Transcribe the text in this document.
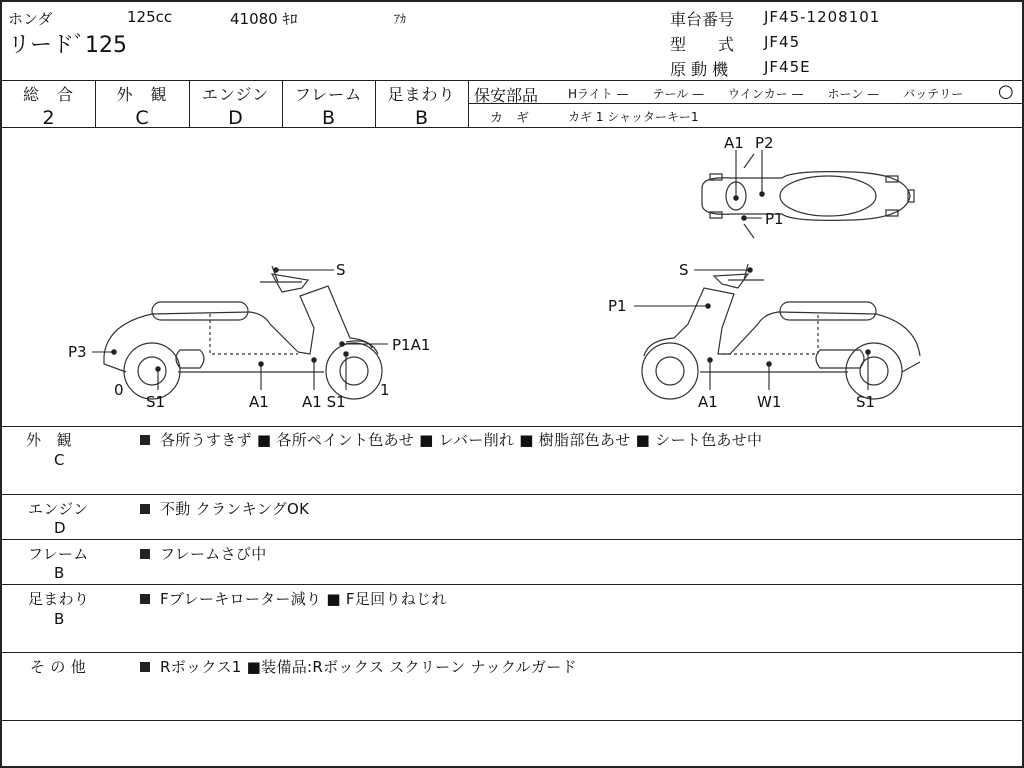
ホンダ	125cc	41080 ｷﾛ	ｱｶ
リードﾞ125
車台番号 JF45-1208101
型　　式 JF45
原 動 機 JF45E
総　合
2
外　観
C
エンジン
D
フレーム
B
足まわり
B
保安部品 Hライト —　　テール —　　ウインカー —　　ホーン —　　バッテリー ○
カ　ギ	カギ 1 シャッターキー1
A1 P2
P1
S
P3	P1A1
0	1
S1	A1 A1 S1
S
P1
A1	W1	S1
外　観
C
各所うすきず ■ 各所ペイント色あせ ■ レバー削れ ■ 樹脂部色あせ ■ シート色あせ中
エンジン
D
不動 クランキングOK
フレーム
B
フレームさび中
足まわり
B
Fブレーキローター減り ■ F足回りねじれ
そ の 他	Rボックス1 ■装備品:Rボックス スクリーン ナックルガード
